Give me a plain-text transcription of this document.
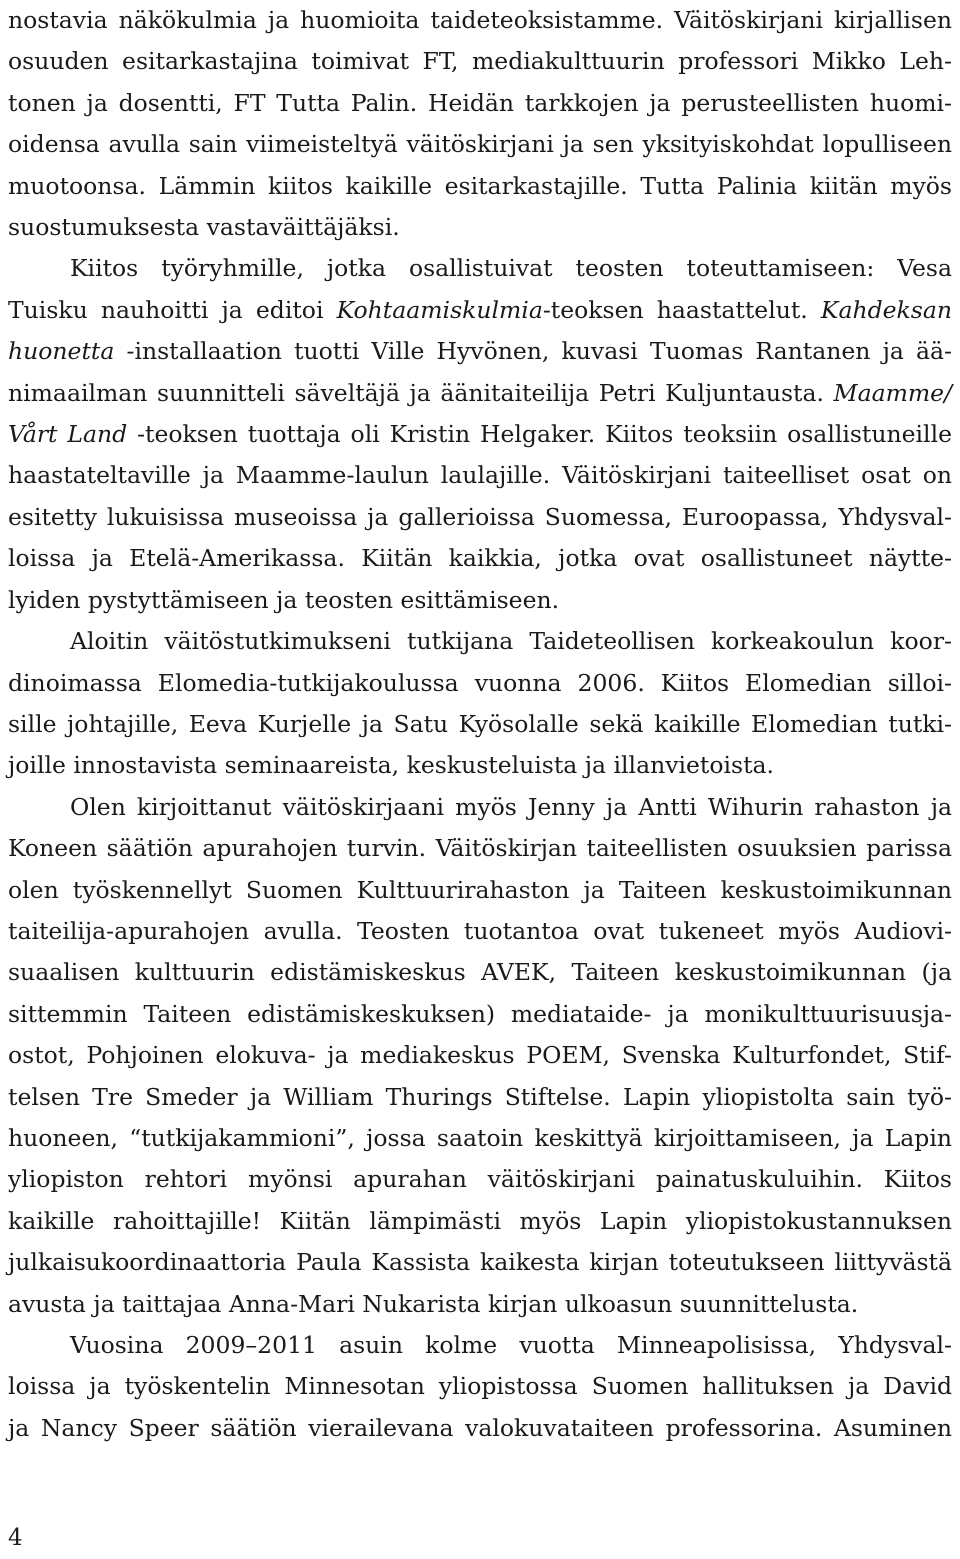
nostavia näkökulmia ja huomioita taideteoksistamme. Väitöskirjani kirjallisen
osuuden esitarkastajina toimivat FT, mediakulttuurin professori Mikko Leh-
tonen ja dosentti, FT Tutta Palin. Heidän tarkkojen ja perusteellisten huomi-
oidensa avulla sain viimeisteltyä väitöskirjani ja sen yksityiskohdat lopulliseen
muotoonsa. Lämmin kiitos kaikille esitarkastajille. Tutta Palinia kiitän myös
suostumuksesta vastaväittäjäksi.
Kiitos työryhmille, jotka osallistuivat teosten toteuttamiseen: Vesa
Tuisku nauhoitti ja editoi Kohtaamiskulmia-teoksen haastattelut. Kahdeksan
huonetta -installaation tuotti Ville Hyvönen, kuvasi Tuomas Rantanen ja ää-
nimaailman suunnitteli säveltäjä ja äänitaiteilija Petri Kuljuntausta. Maamme/
Vårt Land -teoksen tuottaja oli Kristin Helgaker. Kiitos teoksiin osallistuneille
haastateltaville ja Maamme-laulun laulajille. Väitöskirjani taiteelliset osat on
esitetty lukuisissa museoissa ja gallerioissa Suomessa, Euroopassa, Yhdysval-
loissa ja Etelä-Amerikassa. Kiitän kaikkia, jotka ovat osallistuneet näytte-
lyiden pystyttämiseen ja teosten esittämiseen.
Aloitin väitöstutkimukseni tutkijana Taideteollisen korkeakoulun koor-
dinoimassa Elomedia-tutkijakoulussa vuonna 2006. Kiitos Elomedian silloi-
sille johtajille, Eeva Kurjelle ja Satu Kyösolalle sekä kaikille Elomedian tutki-
joille innostavista seminaareista, keskusteluista ja illanvietoista.
Olen kirjoittanut väitöskirjaani myös Jenny ja Antti Wihurin rahaston ja
Koneen säätiön apurahojen turvin. Väitöskirjan taiteellisten osuuksien parissa
olen työskennellyt Suomen Kulttuurirahaston ja Taiteen keskustoimikunnan
taiteilija-apurahojen avulla. Teosten tuotantoa ovat tukeneet myös Audiovi-
suaalisen kulttuurin edistämiskeskus AVEK, Taiteen keskustoimikunnan (ja
sittemmin Taiteen edistämiskeskuksen) mediataide- ja monikulttuurisuusja-
ostot, Pohjoinen elokuva- ja mediakeskus POEM, Svenska Kulturfondet, Stif-
telsen Tre Smeder ja William Thurings Stiftelse. Lapin yliopistolta sain työ-
huoneen, “tutkijakammioni”, jossa saatoin keskittyä kirjoittamiseen, ja Lapin
yliopiston rehtori myönsi apurahan väitöskirjani painatuskuluihin. Kiitos
kaikille rahoittajille! Kiitän lämpimästi myös Lapin yliopistokustannuksen
julkaisukoordinaattoria Paula Kassista kaikesta kirjan toteutukseen liittyvästä
avusta ja taittajaa Anna-Mari Nukarista kirjan ulkoasun suunnittelusta.
Vuosina 2009–2011 asuin kolme vuotta Minneapolisissa, Yhdysval-
loissa ja työskentelin Minnesotan yliopistossa Suomen hallituksen ja David
ja Nancy Speer säätiön vierailevana valokuvataiteen professorina. Asuminen
4
